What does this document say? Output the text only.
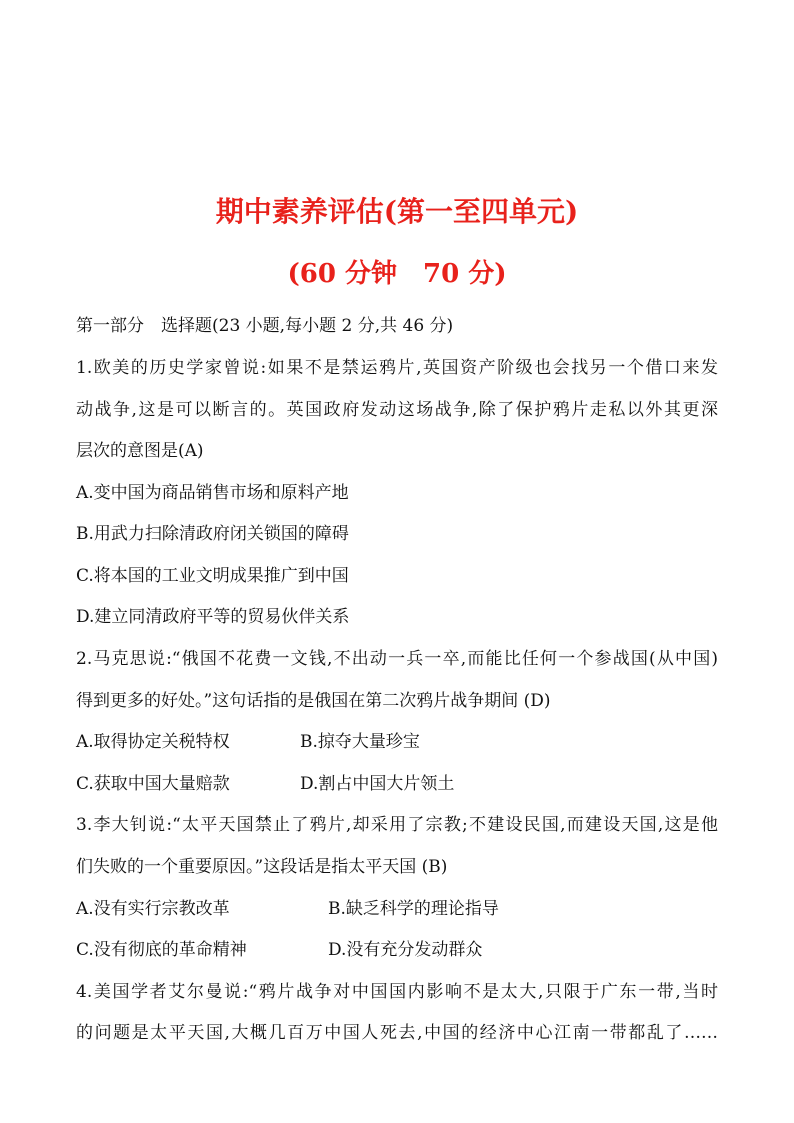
期中素养评估(第一至四单元)
(60 分钟　70 分)
第一部分　选择题(23 小题,每小题 2 分,共 46 分)
1.欧美的历史学家曾说:如果不是禁运鸦片,英国资产阶级也会找另一个借口来发
动战争,这是可以断言的。英国政府发动这场战争,除了保护鸦片走私以外其更深
层次的意图是(A)
A.变中国为商品销售市场和原料产地
B.用武力扫除清政府闭关锁国的障碍
C.将本国的工业文明成果推广到中国
D.建立同清政府平等的贸易伙伴关系
2.马克思说:“俄国不花费一文钱,不出动一兵一卒,而能比任何一个参战国(从中国)
得到更多的好处。”这句话指的是俄国在第二次鸦片战争期间 (D)
A.取得协定关税特权	B.掠夺大量珍宝
C.获取中国大量赔款	D.割占中国大片领土
3.李大钊说:“太平天国禁止了鸦片,却采用了宗教;不建设民国,而建设天国,这是他
们失败的一个重要原因。”这段话是指太平天国 (B)
A.没有实行宗教改革	B.缺乏科学的理论指导
C.没有彻底的革命精神	D.没有充分发动群众
4.美国学者艾尔曼说:“鸦片战争对中国国内影响不是太大,只限于广东一带,当时
的问题是太平天国,大概几百万中国人死去,中国的经济中心江南一带都乱了……
